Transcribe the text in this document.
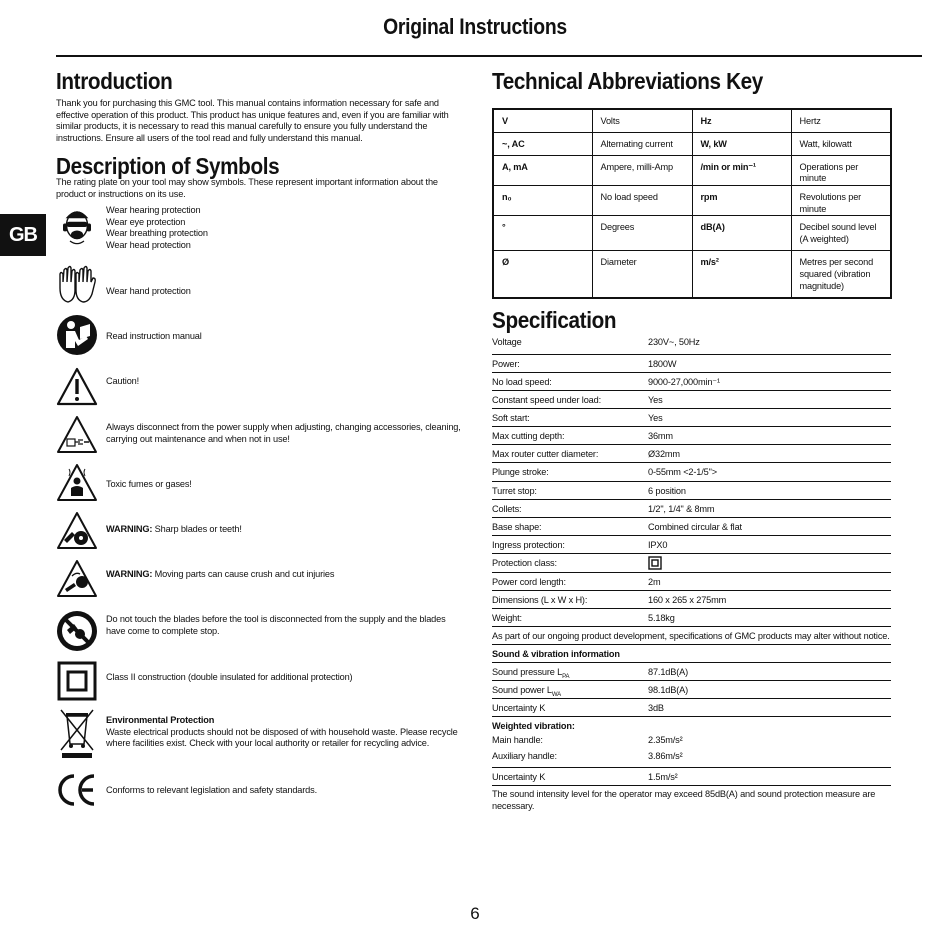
Original Instructions
GB
Introduction
Thank you for purchasing this GMC tool. This manual contains information necessary for safe and effective operation of this product. This product has unique features and, even if you are familiar with similar products, it is necessary to read this manual carefully to ensure you fully understand the instructions. Ensure all users of the tool read and fully understand this manual.
Description of Symbols
The rating plate on your tool may show symbols. These represent important information about the product or instructions on its use.
Wear hearing protection
Wear eye protection
Wear breathing protection
Wear head protection
Wear hand protection
Read instruction manual
Caution!
Always disconnect from the power supply when adjusting, changing accessories, cleaning, carrying out maintenance and when not in use!
Toxic fumes or gases!
WARNING: Sharp blades or teeth!
WARNING: Moving parts can cause crush and cut injuries
Do not touch the blades before the tool is disconnected from the supply and the blades have come to complete stop.
Class II construction (double insulated for additional protection)
Environmental Protection
Waste electrical products should not be disposed of with household waste. Please recycle where facilities exist. Check with your local authority or retailer for recycling advice.
Conforms to relevant legislation and safety standards.
Technical Abbreviations Key
V	Volts	Hz	Hertz
~, AC	Alternating current	W, kW	Watt, kilowatt
A, mA	Ampere, milli-Amp	/min or min⁻¹	Operations per minute
n₀	No load speed	rpm	Revolutions per minute
°	Degrees	dB(A)	Decibel sound level (A weighted)
Ø	Diameter	m/s²	Metres per second squared (vibration magnitude)
Specification
Voltage	230V~, 50Hz
Power:	1800W
No load speed:	9000-27,000min⁻¹
Constant speed under load:	Yes
Soft start:	Yes
Max cutting depth:	36mm
Max router cutter diameter:	Ø32mm
Plunge stroke:	0-55mm <2-1/5">
Turret stop:	6 position
Collets:	1/2", 1/4" & 8mm
Base shape:	Combined circular & flat
Ingress protection:	IPX0
Protection class:
Power cord length:	2m
Dimensions (L x W x H):	160 x 265 x 275mm
Weight:	5.18kg
As part of our ongoing product development, specifications of GMC products may alter without notice.
Sound & vibration information
Sound pressure $L_{PA}$	87.1dB(A)
Sound power $L_{WA}$	98.1dB(A)
Uncertainty K	3dB
Weighted vibration:
Main handle:	2.35m/s²
Auxiliary handle:	3.86m/s²
Uncertainty K	1.5m/s²
The sound intensity level for the operator may exceed 85dB(A) and sound protection measure are necessary.
6
